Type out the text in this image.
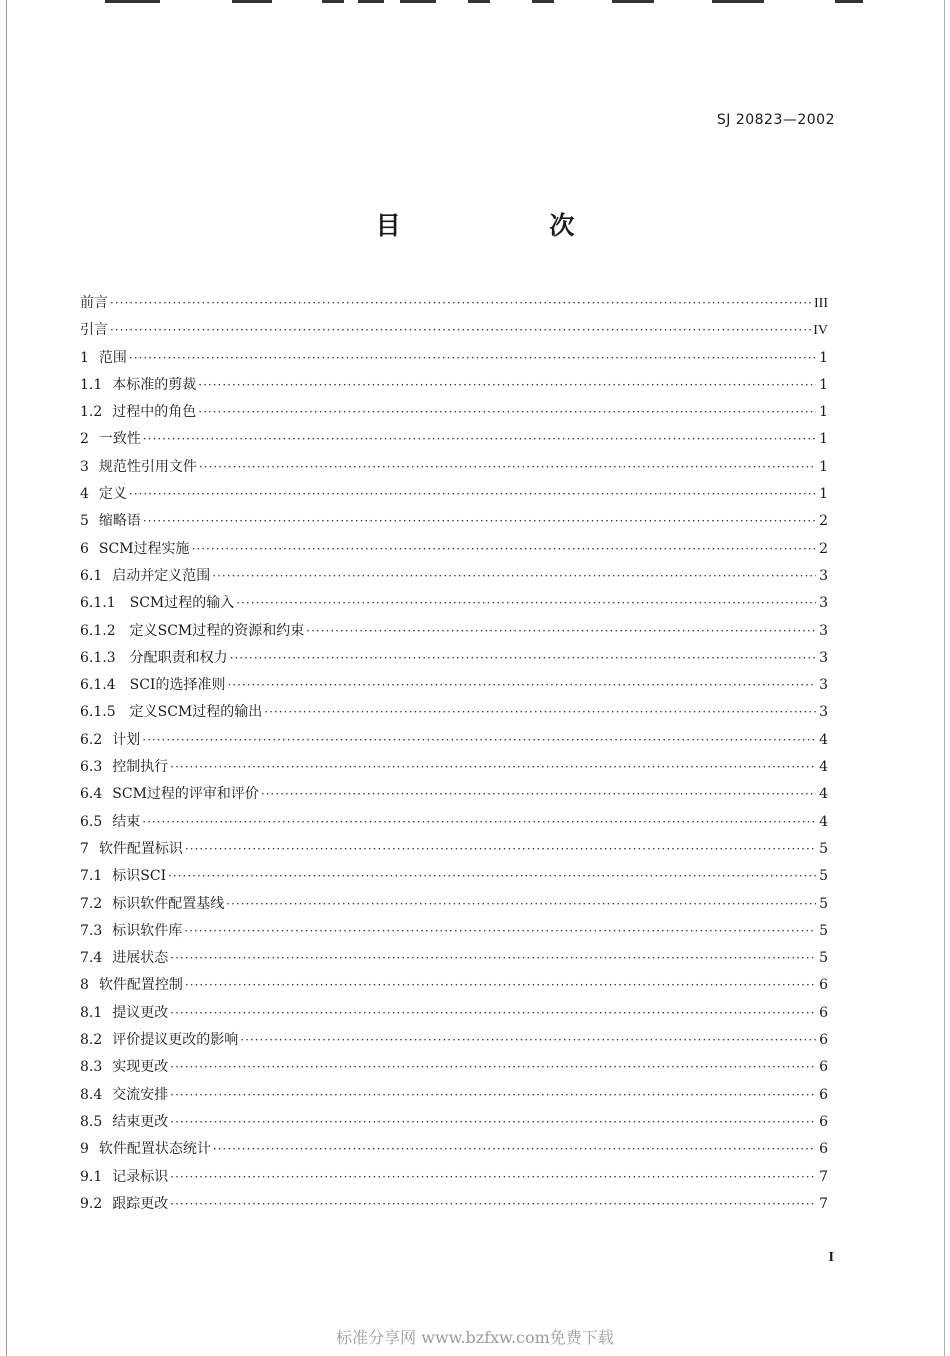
SJ 20823—2002
目 次
前言 ·····	III
引言 ·····	IV
1 范围 ·····	1
1.1 本标准的剪裁 ·····	1
1.2 过程中的角色 ·····	1
2 一致性 ·····	1
3 规范性引用文件 ·····	1
4 定义 ·····	1
5 缩略语 ·····	2
6 SCM过程实施 ·····	2
6.1 启动并定义范围 ·····	3
6.1.1	SCM过程的输入 ·····	3
6.1.2	定义SCM过程的资源和约束 ·····	3
6.1.3	分配职责和权力 ·····	3
6.1.4	SCI的选择准则 ·····	3
6.1.5	定义SCM过程的输出 ·····	3
6.2 计划 ·····	4
6.3 控制执行 ·····	4
6.4 SCM过程的评审和评价 ·····	4
6.5 结束 ·····	4
7 软件配置标识 ·····	5
7.1 标识SCI ·····	5
7.2 标识软件配置基线 ·····	5
7.3 标识软件库 ·····	5
7.4 进展状态 ·····	5
8 软件配置控制 ·····	6
8.1 提议更改 ·····	6
8.2 评价提议更改的影响 ·····	6
8.3 实现更改 ·····	6
8.4 交流安排 ·····	6
8.5 结束更改 ·····	6
9 软件配置状态统计 ·····	6
9.1 记录标识 ·····	7
9.2 跟踪更改 ·····	7
I
标准分享网 www.bzfxw.com免费下载
